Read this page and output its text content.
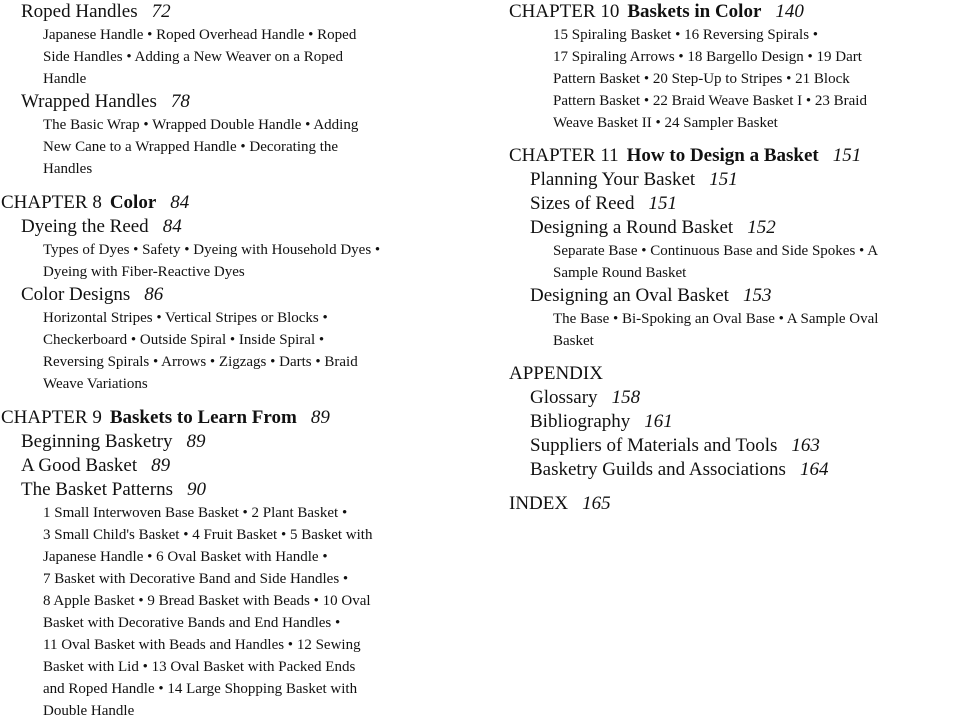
Roped Handles 72
Japanese Handle • Roped Overhead Handle • Roped
Side Handles • Adding a New Weaver on a Roped
Handle
Wrapped Handles 78
The Basic Wrap • Wrapped Double Handle • Adding
New Cane to a Wrapped Handle • Decorating the
Handles
CHAPTER 8 Color 84
Dyeing the Reed 84
Types of Dyes • Safety • Dyeing with Household Dyes •
Dyeing with Fiber-Reactive Dyes
Color Designs 86
Horizontal Stripes • Vertical Stripes or Blocks •
Checkerboard • Outside Spiral • Inside Spiral •
Reversing Spirals • Arrows • Zigzags • Darts • Braid
Weave Variations
CHAPTER 9 Baskets to Learn From 89
Beginning Basketry 89
A Good Basket 89
The Basket Patterns 90
1 Small Interwoven Base Basket • 2 Plant Basket •
3 Small Child's Basket • 4 Fruit Basket • 5 Basket with
Japanese Handle • 6 Oval Basket with Handle •
7 Basket with Decorative Band and Side Handles •
8 Apple Basket • 9 Bread Basket with Beads • 10 Oval
Basket with Decorative Bands and End Handles •
11 Oval Basket with Beads and Handles • 12 Sewing
Basket with Lid • 13 Oval Basket with Packed Ends
and Roped Handle • 14 Large Shopping Basket with
Double Handle
CHAPTER 10 Baskets in Color 140
15 Spiraling Basket • 16 Reversing Spirals •
17 Spiraling Arrows • 18 Bargello Design • 19 Dart
Pattern Basket • 20 Step-Up to Stripes • 21 Block
Pattern Basket • 22 Braid Weave Basket I • 23 Braid
Weave Basket II • 24 Sampler Basket
CHAPTER 11 How to Design a Basket 151
Planning Your Basket 151
Sizes of Reed 151
Designing a Round Basket 152
Separate Base • Continuous Base and Side Spokes • A
Sample Round Basket
Designing an Oval Basket 153
The Base • Bi-Spoking an Oval Base • A Sample Oval
Basket
APPENDIX
Glossary 158
Bibliography 161
Suppliers of Materials and Tools 163
Basketry Guilds and Associations 164
INDEX 165
